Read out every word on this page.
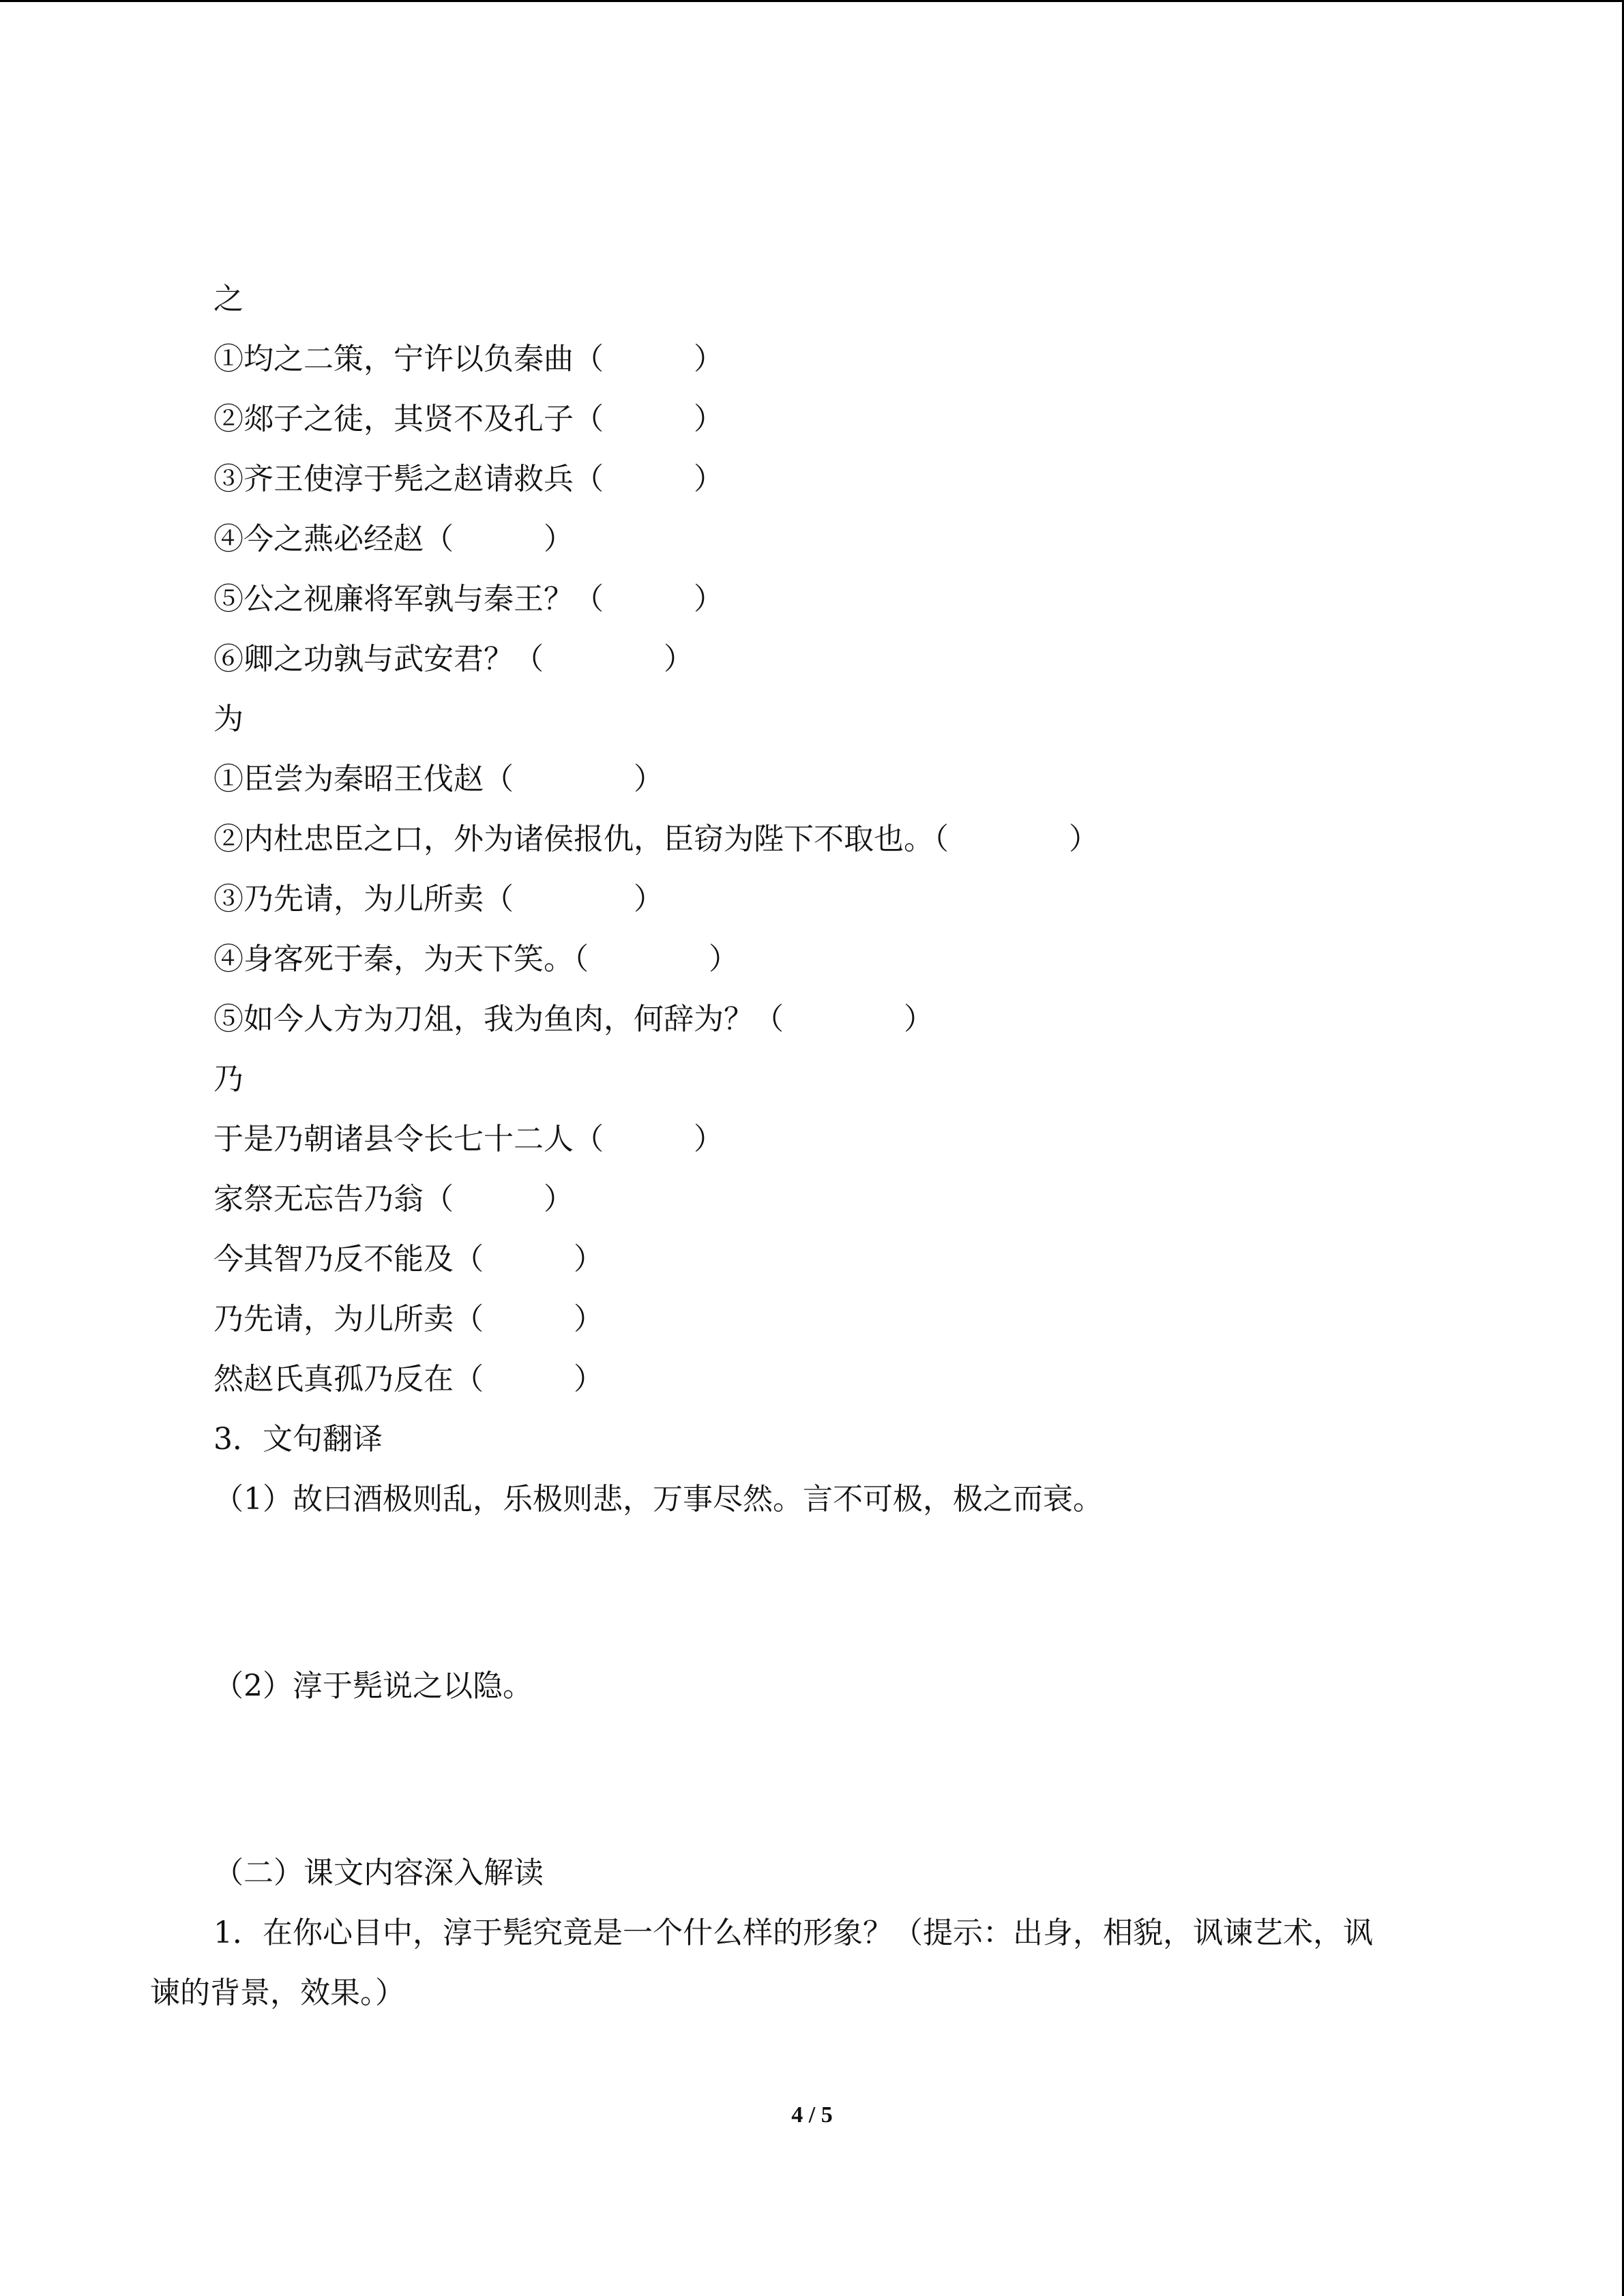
之
①均之二策，宁许以负秦曲（　　　）
②郯子之徒，其贤不及孔子（　　　）
③齐王使淳于髡之赵请救兵（　　　）
④今之燕必经赵（　　　）
⑤公之视廉将军孰与秦王？（　　　）
⑥卿之功孰与武安君？（　　　　）
为
①臣尝为秦昭王伐赵（　　　　）
②内杜忠臣之口，外为诸侯报仇，臣窃为陛下不取也。（　　　　）
③乃先请，为儿所卖（　　　　）
④身客死于秦，为天下笑。（　　　　）
⑤如今人方为刀俎，我为鱼肉，何辞为？（　　　　）
乃
于是乃朝诸县令长七十二人（　　　）
家祭无忘告乃翁（　　　）
今其智乃反不能及（　　　）
乃先请，为儿所卖（　　　）
然赵氏真孤乃反在（　　　）
3．文句翻译
（1）故曰酒极则乱，乐极则悲，万事尽然。言不可极，极之而衰。
（2）淳于髡说之以隐。
（二）课文内容深入解读
1．在你心目中，淳于髡究竟是一个什么样的形象？（提示：出身，相貌，讽谏艺术，讽
谏的背景，效果。）
4 / 5
